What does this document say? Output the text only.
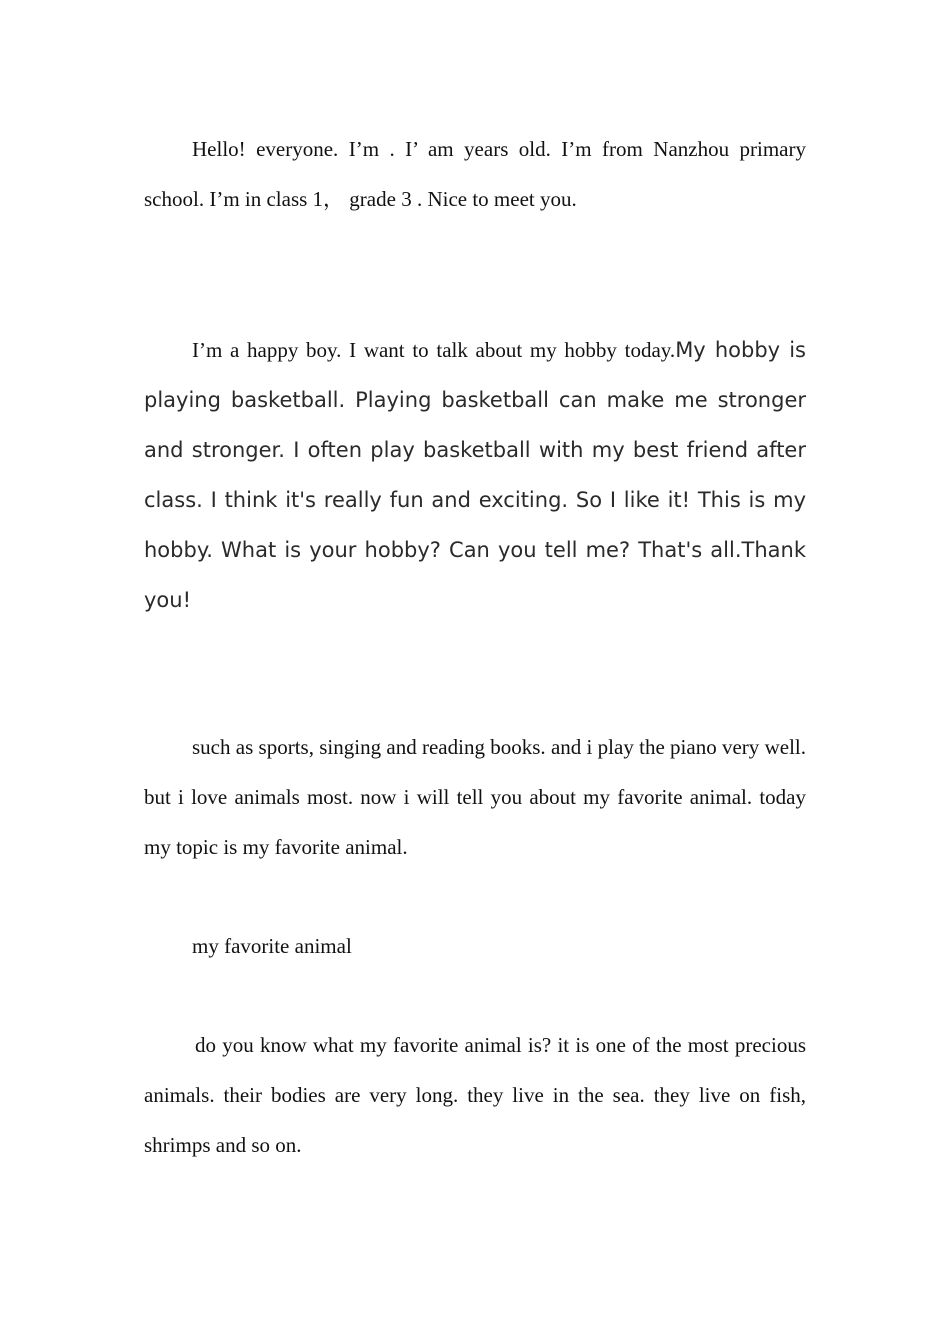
Hello! everyone. I’m . I’ am years old. I’m from Nanzhou primary school. I’m in class 1， grade 3 . Nice to meet you.

I’m a happy boy. I want to talk about my hobby today.My hobby is playing basketball. Playing basketball can make me stronger and stronger. I often play basketball with my best friend after class. I think it's really fun and exciting. So I like it! This is my hobby. What is your hobby? Can you tell me? That's all.Thank you!

such as sports, singing and reading books. and i play the piano very well. but i love animals most. now i will tell you about my favorite animal. today my topic is my favorite animal.

my favorite animal

do you know what my favorite animal is? it is one of the most precious animals. their bodies are very long. they live in the sea. they live on fish, shrimps and so on.
